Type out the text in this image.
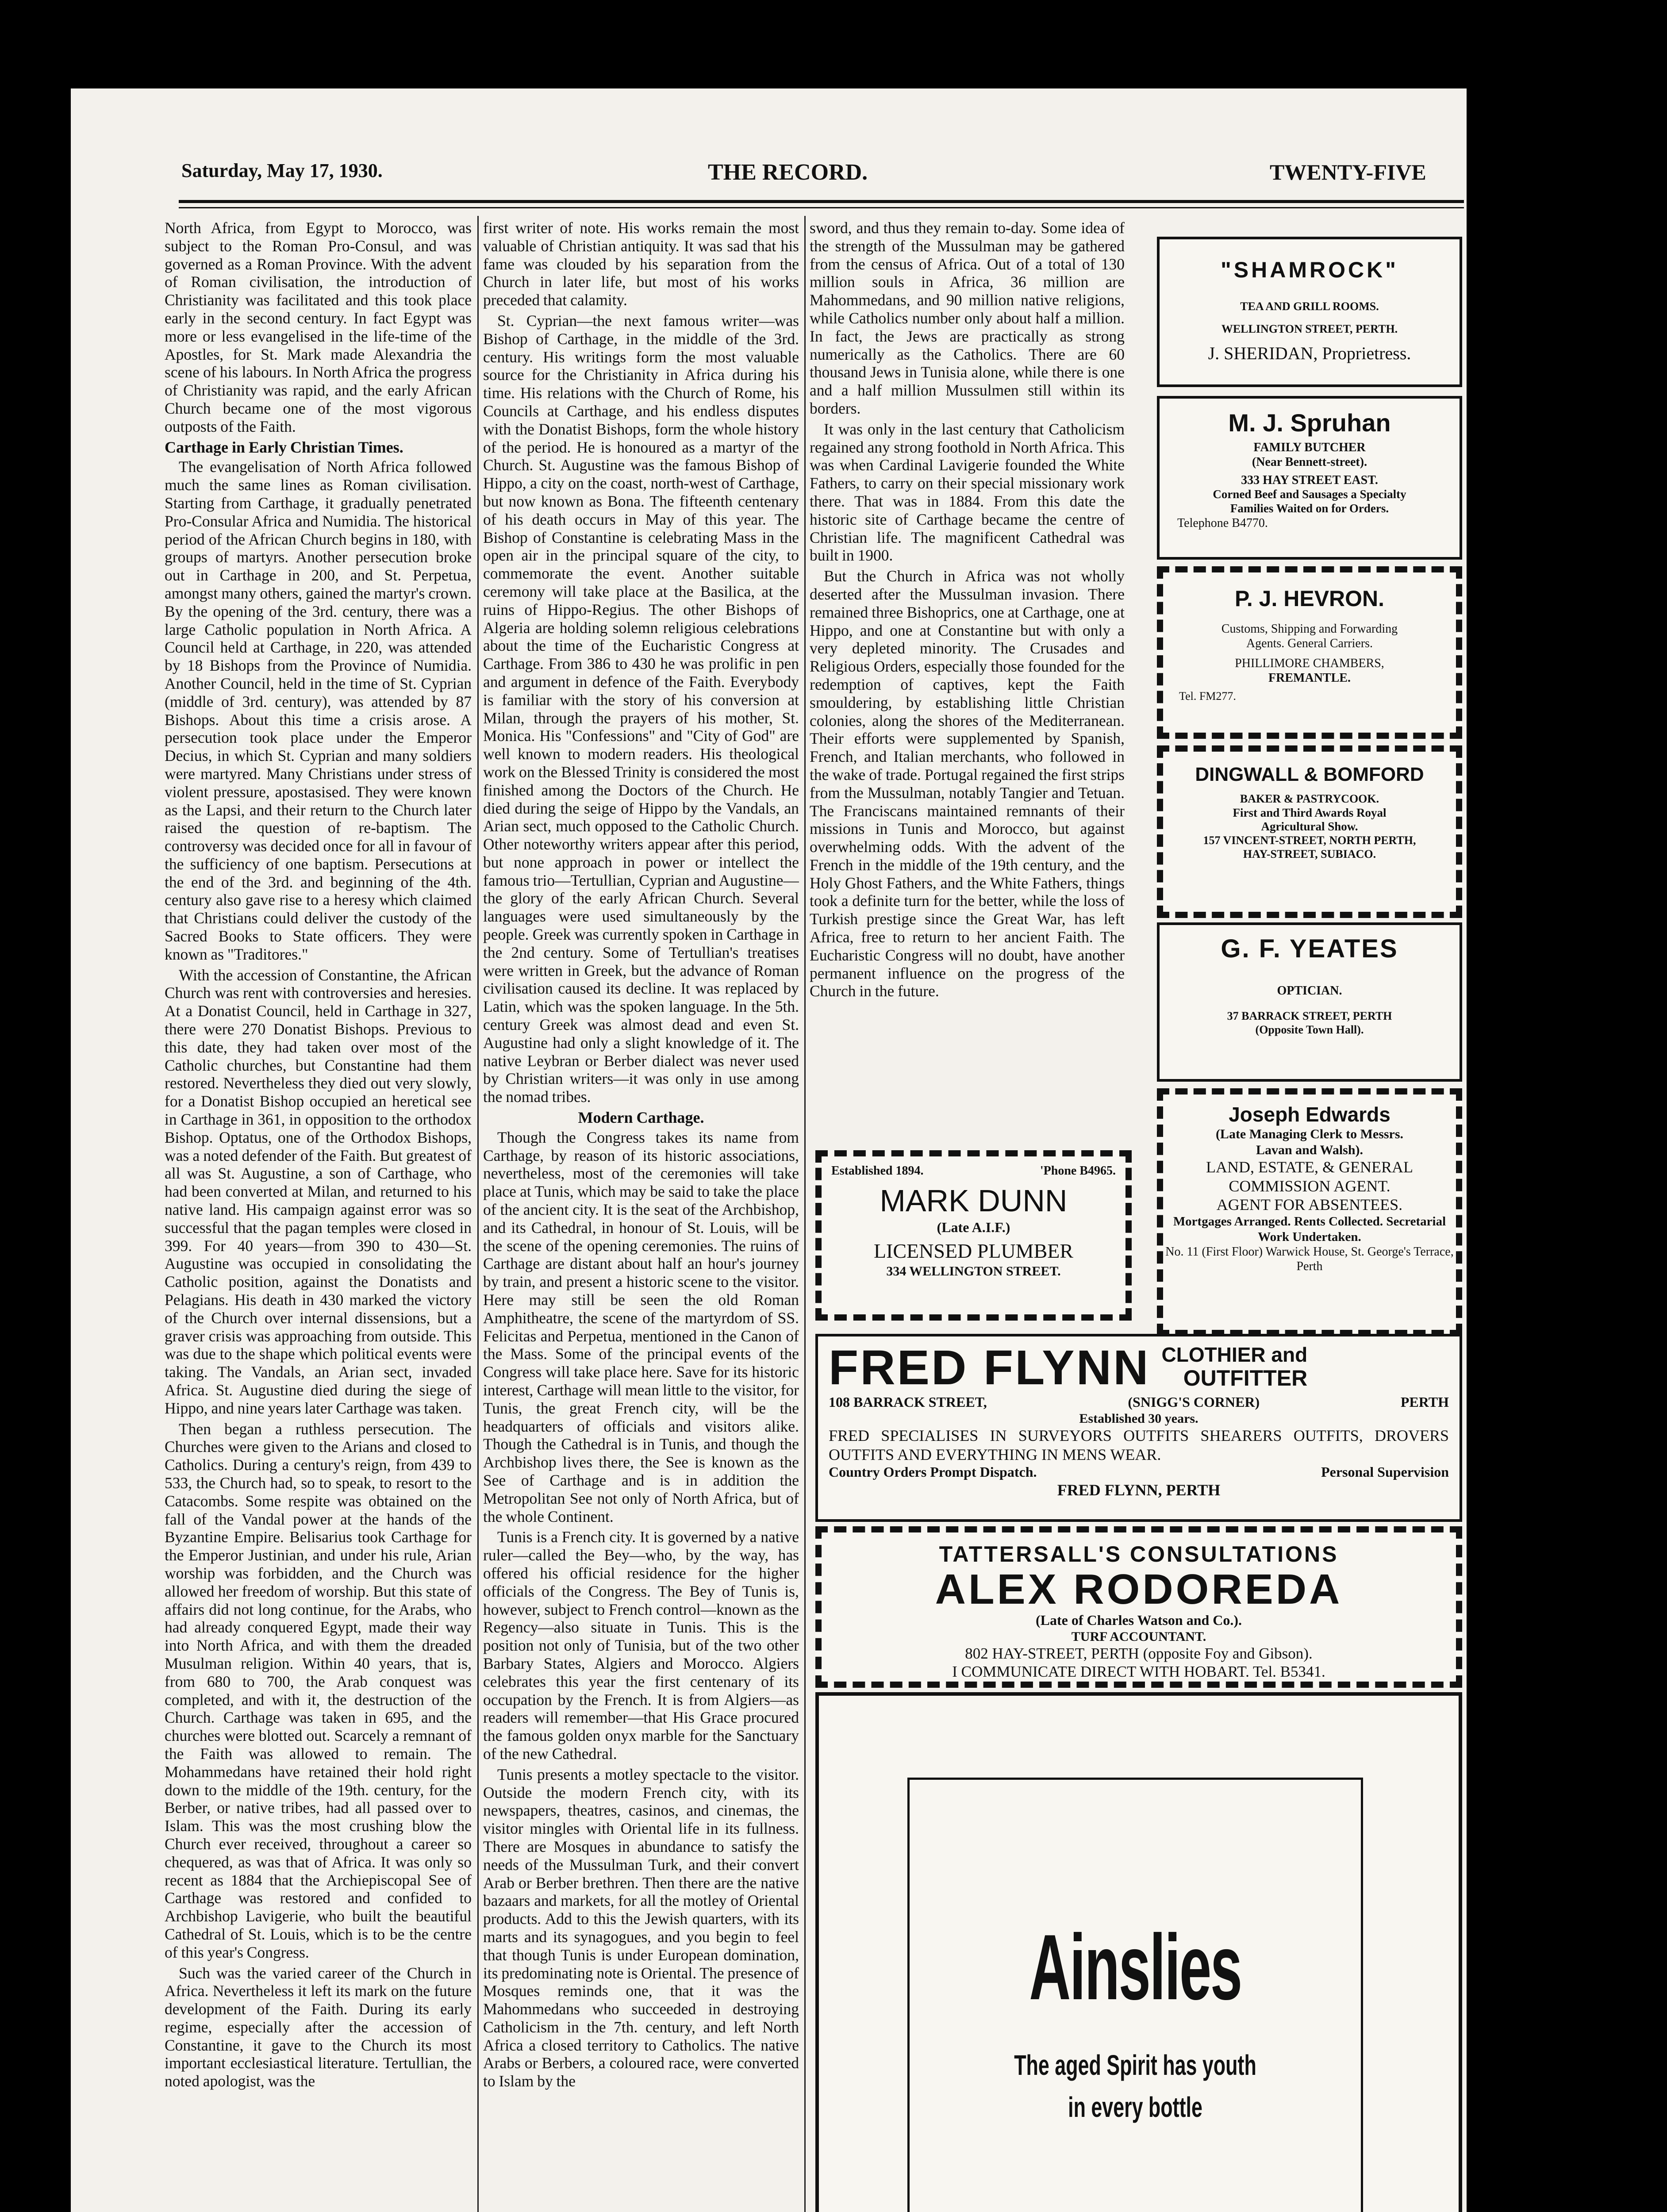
Saturday, May 17, 1930.	THE RECORD.	TWENTY-FIVE

North Africa, from Egypt to Morocco, was subject to the Roman Pro-Consul, and was governed as a Roman Province. With the advent of Roman civilisation, the introduction of Christianity was facilitated and this took place early in the second century. In fact Egypt was more or less evangelised in the life-time of the Apostles, for St. Mark made Alexandria the scene of his labours. In North Africa the progress of Christianity was rapid, and the early African Church became one of the most vigorous outposts of the Faith.

Carthage in Early Christian Times.

The evangelisation of North Africa followed much the same lines as Roman civilisation. Starting from Carthage, it gradually penetrated Pro-Consular Africa and Numidia. The historical period of the African Church begins in 180, with groups of martyrs. Another persecution broke out in Carthage in 200, and St. Perpetua, amongst many others, gained the martyr's crown. By the opening of the 3rd. century, there was a large Catholic population in North Africa. A Council held at Carthage, in 220, was attended by 18 Bishops from the Province of Numidia. Another Council, held in the time of St. Cyprian (middle of 3rd. century), was attended by 87 Bishops. About this time a crisis arose. A persecution took place under the Emperor Decius, in which St. Cyprian and many soldiers were martyred. Many Christians under stress of violent pressure, apostasised. They were known as the Lapsi, and their return to the Church later raised the question of re-baptism. The controversy was decided once for all in favour of the sufficiency of one baptism. Persecutions at the end of the 3rd. and beginning of the 4th. century also gave rise to a heresy which claimed that Christians could deliver the custody of the Sacred Books to State officers. They were known as "Traditores."

With the accession of Constantine, the African Church was rent with controversies and heresies. At a Donatist Council, held in Carthage in 327, there were 270 Donatist Bishops. Previous to this date, they had taken over most of the Catholic churches, but Constantine had them restored. Nevertheless they died out very slowly, for a Donatist Bishop occupied an heretical see in Carthage in 361, in opposition to the orthodox Bishop. Optatus, one of the Orthodox Bishops, was a noted defender of the Faith. But greatest of all was St. Augustine, a son of Carthage, who had been converted at Milan, and returned to his native land. His campaign against error was so successful that the pagan temples were closed in 399. For 40 years—from 390 to 430—St. Augustine was occupied in consolidating the Catholic position, against the Donatists and Pelagians. His death in 430 marked the victory of the Church over internal dissensions, but a graver crisis was approaching from outside. This was due to the shape which political events were taking. The Vandals, an Arian sect, invaded Africa. St. Augustine died during the siege of Hippo, and nine years later Carthage was taken.

Then began a ruthless persecution. The Churches were given to the Arians and closed to Catholics. During a century's reign, from 439 to 533, the Church had, so to speak, to resort to the Catacombs. Some respite was obtained on the fall of the Vandal power at the hands of the Byzantine Empire. Belisarius took Carthage for the Emperor Justinian, and under his rule, Arian worship was forbidden, and the Church was allowed her freedom of worship. But this state of affairs did not long continue, for the Arabs, who had already conquered Egypt, made their way into North Africa, and with them the dreaded Musulman religion. Within 40 years, that is, from 680 to 700, the Arab conquest was completed, and with it, the destruction of the Church. Carthage was taken in 695, and the churches were blotted out. Scarcely a remnant of the Faith was allowed to remain. The Mohammedans have retained their hold right down to the middle of the 19th. century, for the Berber, or native tribes, had all passed over to Islam. This was the most crushing blow the Church ever received, throughout a career so chequered, as was that of Africa. It was only so recent as 1884 that the Archiepiscopal See of Carthage was restored and confided to Archbishop Lavigerie, who built the beautiful Cathedral of St. Louis, which is to be the centre of this year's Congress.

Such was the varied career of the Church in Africa. Nevertheless it left its mark on the future development of the Faith. During its early regime, especially after the accession of Constantine, it gave to the Church its most important ecclesiastical literature. Tertullian, the noted apologist, was the

first writer of note. His works remain the most valuable of Christian antiquity. It was sad that his fame was clouded by his separation from the Church in later life, but most of his works preceded that calamity.

St. Cyprian—the next famous writer—was Bishop of Carthage, in the middle of the 3rd. century. His writings form the most valuable source for the Christianity in Africa during his time. His relations with the Church of Rome, his Councils at Carthage, and his endless disputes with the Donatist Bishops, form the whole history of the period. He is honoured as a martyr of the Church. St. Augustine was the famous Bishop of Hippo, a city on the coast, north-west of Carthage, but now known as Bona. The fifteenth centenary of his death occurs in May of this year. The Bishop of Constantine is celebrating Mass in the open air in the principal square of the city, to commemorate the event. Another suitable ceremony will take place at the Basilica, at the ruins of Hippo-Regius. The other Bishops of Algeria are holding solemn religious celebrations about the time of the Eucharistic Congress at Carthage. From 386 to 430 he was prolific in pen and argument in defence of the Faith. Everybody is familiar with the story of his conversion at Milan, through the prayers of his mother, St. Monica. His "Confessions" and "City of God" are well known to modern readers. His theological work on the Blessed Trinity is considered the most finished among the Doctors of the Church. He died during the seige of Hippo by the Vandals, an Arian sect, much opposed to the Catholic Church. Other noteworthy writers appear after this period, but none approach in power or intellect the famous trio—Tertullian, Cyprian and Augustine—the glory of the early African Church. Several languages were used simultaneously by the people. Greek was currently spoken in Carthage in the 2nd century. Some of Tertullian's treatises were written in Greek, but the advance of Roman civilisation caused its decline. It was replaced by Latin, which was the spoken language. In the 5th. century Greek was almost dead and even St. Augustine had only a slight knowledge of it. The native Leybran or Berber dialect was never used by Christian writers—it was only in use among the nomad tribes.

Modern Carthage.

Though the Congress takes its name from Carthage, by reason of its historic associations, nevertheless, most of the ceremonies will take place at Tunis, which may be said to take the place of the ancient city. It is the seat of the Archbishop, and its Cathedral, in honour of St. Louis, will be the scene of the opening ceremonies. The ruins of Carthage are distant about half an hour's journey by train, and present a historic scene to the visitor. Here may still be seen the old Roman Amphitheatre, the scene of the martyrdom of SS. Felicitas and Perpetua, mentioned in the Canon of the Mass. Some of the principal events of the Congress will take place here. Save for its historic interest, Carthage will mean little to the visitor, for Tunis, the great French city, will be the headquarters of officials and visitors alike. Though the Cathedral is in Tunis, and though the Archbishop lives there, the See is known as the See of Carthage and is in addition the Metropolitan See not only of North Africa, but of the whole Continent.

Tunis is a French city. It is governed by a native ruler—called the Bey—who, by the way, has offered his official residence for the higher officials of the Congress. The Bey of Tunis is, however, subject to French control—known as the Regency—also situate in Tunis. This is the position not only of Tunisia, but of the two other Barbary States, Algiers and Morocco. Algiers celebrates this year the first centenary of its occupation by the French. It is from Algiers—as readers will remember—that His Grace procured the famous golden onyx marble for the Sanctuary of the new Cathedral.

Tunis presents a motley spectacle to the visitor. Outside the modern French city, with its newspapers, theatres, casinos, and cinemas, the visitor mingles with Oriental life in its fullness. There are Mosques in abundance to satisfy the needs of the Mussulman Turk, and their convert Arab or Berber brethren. Then there are the native bazaars and markets, for all the motley of Oriental products. Add to this the Jewish quarters, with its marts and its synagogues, and you begin to feel that though Tunis is under European domination, its predominating note is Oriental. The presence of Mosques reminds one, that it was the Mahommedans who succeeded in destroying Catholicism in the 7th. century, and left North Africa a closed territory to Catholics. The native Arabs or Berbers, a coloured race, were converted to Islam by the

sword, and thus they remain to-day. Some idea of the strength of the Mussulman may be gathered from the census of Africa. Out of a total of 130 million souls in Africa, 36 million are Mahommedans, and 90 million native religions, while Catholics number only about half a million. In fact, the Jews are practically as strong numerically as the Catholics. There are 60 thousand Jews in Tunisia alone, while there is one and a half million Mussulmen still within its borders.

It was only in the last century that Catholicism regained any strong foothold in North Africa. This was when Cardinal Lavigerie founded the White Fathers, to carry on their special missionary work there. That was in 1884. From this date the historic site of Carthage became the centre of Christian life. The magnificent Cathedral was built in 1900.

But the Church in Africa was not wholly deserted after the Mussulman invasion. There remained three Bishoprics, one at Carthage, one at Hippo, and one at Constantine but with only a very depleted minority. The Crusades and Religious Orders, especially those founded for the redemption of captives, kept the Faith smouldering, by establishing little Christian colonies, along the shores of the Mediterranean. Their efforts were supplemented by Spanish, French, and Italian merchants, who followed in the wake of trade. Portugal regained the first strips from the Mussulman, notably Tangier and Tetuan. The Franciscans maintained remnants of their missions in Tunis and Morocco, but against overwhelming odds. With the advent of the French in the middle of the 19th century, and the Holy Ghost Fathers, and the White Fathers, things took a definite turn for the better, while the loss of Turkish prestige since the Great War, has left Africa, free to return to her ancient Faith. The Eucharistic Congress will no doubt, have another permanent influence on the progress of the Church in the future.

"SHAMROCK"
TEA AND GRILL ROOMS.
WELLINGTON STREET, PERTH.
J. SHERIDAN, Proprietress.
M. J. Spruhan
FAMILY BUTCHER
(Near Bennett-street).
333 HAY STREET EAST.
Corned Beef and Sausages a Specialty
Families Waited on for Orders.
Telephone B4770.
P. J. HEVRON.
Customs, Shipping and Forwarding
Agents. General Carriers.
PHILLIMORE CHAMBERS,
FREMANTLE.
Tel. FM277.
DINGWALL & BOMFORD
BAKER & PASTRYCOOK.
First and Third Awards Royal
Agricultural Show.
157 VINCENT-STREET, NORTH PERTH,
HAY-STREET, SUBIACO.
G. F. YEATES
OPTICIAN.
37 BARRACK STREET, PERTH
(Opposite Town Hall).
Joseph Edwards
(Late Managing Clerk to Messrs.
Lavan and Walsh).
LAND, ESTATE, & GENERAL
COMMISSION AGENT.
AGENT FOR ABSENTEES.
Mortgages Arranged. Rents Collected. Secretarial Work Undertaken.
No. 11 (First Floor) Warwick House, St. George's Terrace, Perth
Established 1894.	'Phone B4965.
MARK DUNN
(Late A.I.F.)
LICENSED PLUMBER
334 WELLINGTON STREET.
FRED FLYNN CLOTHIER and
OUTFITTER
108 BARRACK STREET,	(SNIGG'S CORNER)	PERTH
Established 30 years.
FRED SPECIALISES IN SURVEYORS OUTFITS SHEARERS OUTFITS, DROVERS OUTFITS AND EVERYTHING IN MENS WEAR.
Country Orders Prompt Dispatch.	Personal Supervision
FRED FLYNN, PERTH
TATTERSALL'S CONSULTATIONS
ALEX RODOREDA
(Late of Charles Watson and Co.).
TURF ACCOUNTANT.
802 HAY-STREET, PERTH (opposite Foy and Gibson).
I COMMUNICATE DIRECT WITH HOBART. Tel. B5341.
Ainslies
The aged Spirit has youth
in every bottle
